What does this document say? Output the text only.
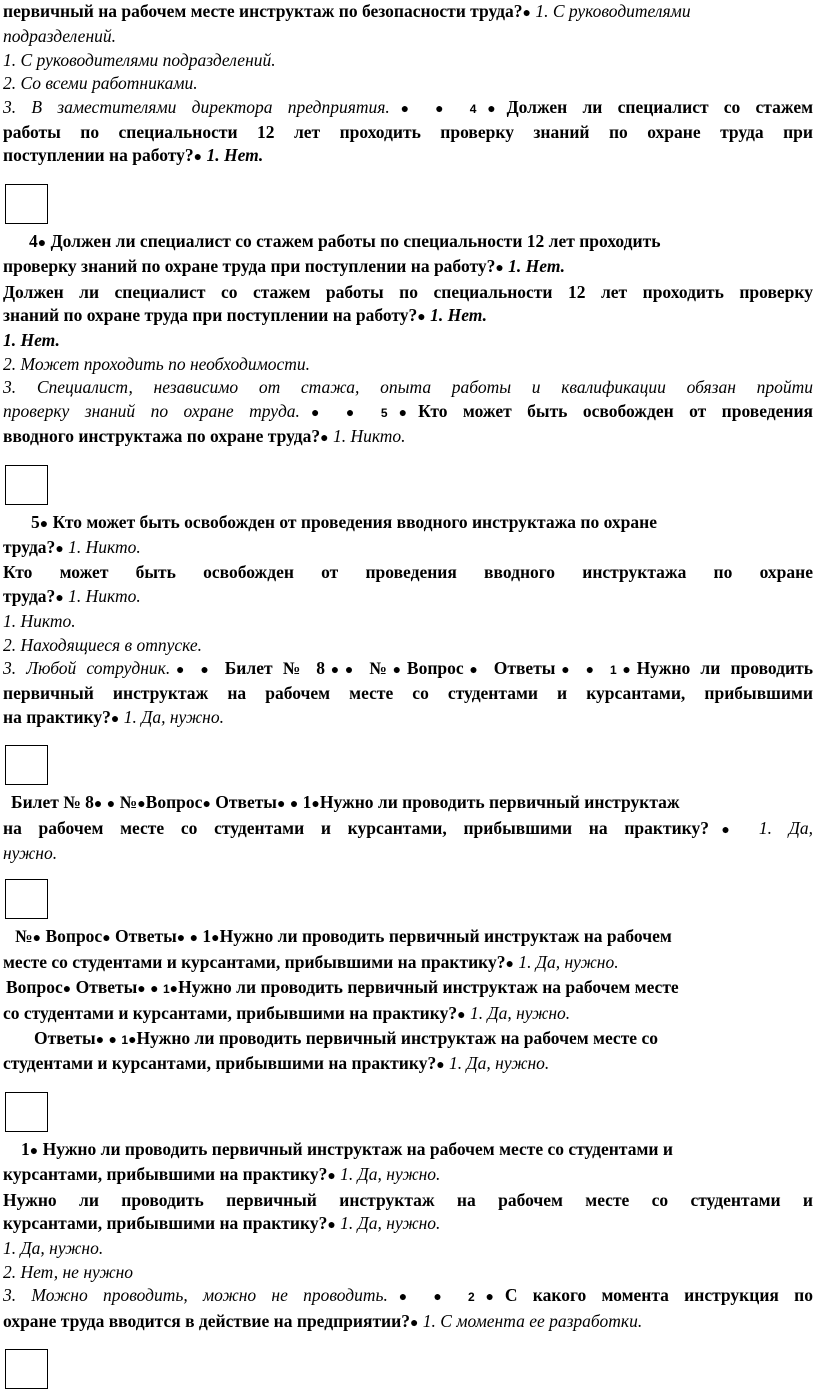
первичный на рабочем месте инструктаж по безопасности труда?● 1. С руководителями

подразделений.

1. С руководителями подразделений.

2. Со всеми работниками.

3. В заместителями директора предприятия.● ● 4●Должен ли специалист со стажем

работы по специальности 12 лет проходить проверку знаний по охране труда при

поступлении на работу?● 1. Нет.

4● Должен ли специалист со стажем работы по специальности 12 лет проходить

проверку знаний по охране труда при поступлении на работу?● 1. Нет.

Должен ли специалист со стажем работы по специальности 12 лет проходить проверку

знаний по охране труда при поступлении на работу?● 1. Нет.

1. Нет.

2. Может проходить по необходимости.

3. Специалист, независимо от стажа, опыта работы и квалификации обязан пройти

проверку знаний по охране труда.● ● 5●Кто может быть освобожден от проведения

вводного инструктажа по охране труда?● 1. Никто.

5● Кто может быть освобожден от проведения вводного инструктажа по охране

труда?● 1. Никто.

Кто может быть освобожден от проведения вводного инструктажа по охране

труда?● 1. Никто.

1. Никто.

2. Находящиеся в отпуске.

3. Любой сотрудник.● ● Билет № 8●● №●Вопрос● Ответы● ● 1●Нужно ли проводить

первичный инструктаж на рабочем месте со студентами и курсантами, прибывшими

на практику?● 1. Да, нужно.

Билет № 8● ● №●Вопрос● Ответы● ● 1●Нужно ли проводить первичный инструктаж

на рабочем месте со студентами и курсантами, прибывшими на практику?● 1. Да,

нужно.

№● Вопрос● Ответы● ● 1●Нужно ли проводить первичный инструктаж на рабочем

месте со студентами и курсантами, прибывшими на практику?● 1. Да, нужно.

Вопрос● Ответы● ● 1●Нужно ли проводить первичный инструктаж на рабочем месте

со студентами и курсантами, прибывшими на практику?● 1. Да, нужно.

Ответы● ● 1●Нужно ли проводить первичный инструктаж на рабочем месте со

студентами и курсантами, прибывшими на практику?● 1. Да, нужно.

1● Нужно ли проводить первичный инструктаж на рабочем месте со студентами и

курсантами, прибывшими на практику?● 1. Да, нужно.

Нужно ли проводить первичный инструктаж на рабочем месте со студентами и

курсантами, прибывшими на практику?● 1. Да, нужно.

1. Да, нужно.

2. Нет, не нужно

3. Можно проводить, можно не проводить.● ● 2●С какого момента инструкция по

охране труда вводится в действие на предприятии?● 1. С момента ее разработки.
